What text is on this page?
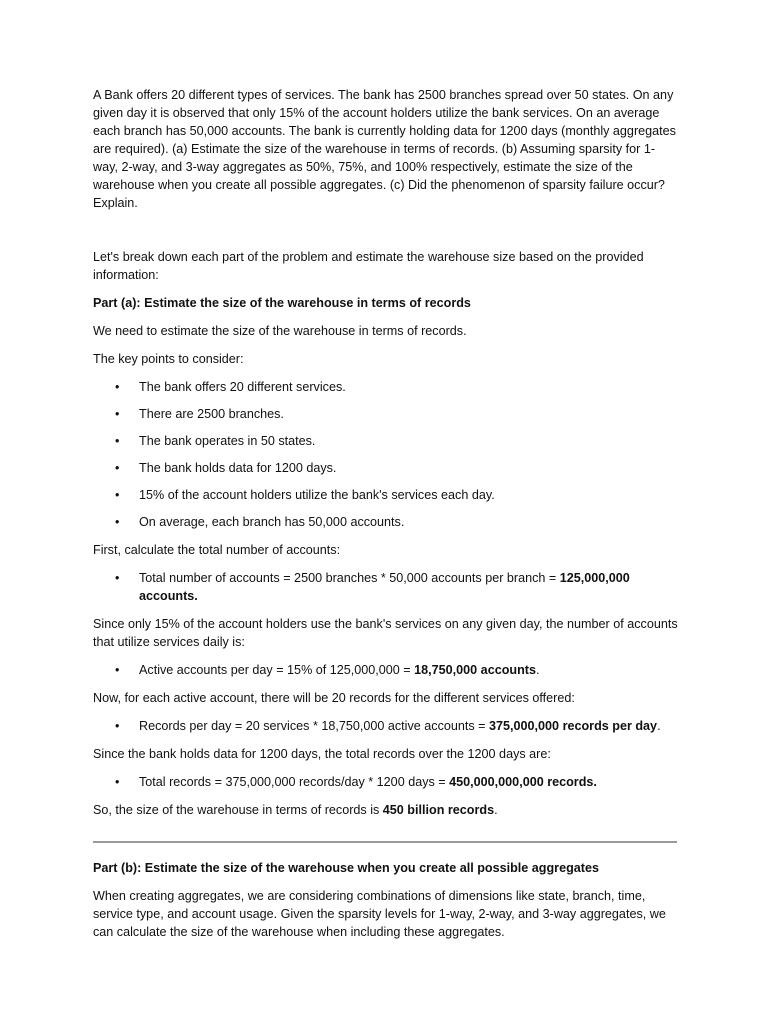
A Bank offers 20 different types of services. The bank has 2500 branches spread over 50 states. On any given day it is observed that only 15% of the account holders utilize the bank services. On an average each branch has 50,000 accounts. The bank is currently holding data for 1200 days (monthly aggregates are required). (a) Estimate the size of the warehouse in terms of records. (b) Assuming sparsity for 1-way, 2-way, and 3-way aggregates as 50%, 75%, and 100% respectively, estimate the size of the warehouse when you create all possible aggregates. (c) Did the phenomenon of sparsity failure occur? Explain.

Let's break down each part of the problem and estimate the warehouse size based on the provided information:

Part (a): Estimate the size of the warehouse in terms of records

We need to estimate the size of the warehouse in terms of records.

The key points to consider:

• The bank offers 20 different services.
• There are 2500 branches.
• The bank operates in 50 states.
• The bank holds data for 1200 days.
• 15% of the account holders utilize the bank's services each day.
• On average, each branch has 50,000 accounts.

First, calculate the total number of accounts:

• Total number of accounts = 2500 branches * 50,000 accounts per branch = 125,000,000 accounts.

Since only 15% of the account holders use the bank's services on any given day, the number of accounts that utilize services daily is:

• Active accounts per day = 15% of 125,000,000 = 18,750,000 accounts.

Now, for each active account, there will be 20 records for the different services offered:

• Records per day = 20 services * 18,750,000 active accounts = 375,000,000 records per day.

Since the bank holds data for 1200 days, the total records over the 1200 days are:

• Total records = 375,000,000 records/day * 1200 days = 450,000,000,000 records.

So, the size of the warehouse in terms of records is 450 billion records.

Part (b): Estimate the size of the warehouse when you create all possible aggregates

When creating aggregates, we are considering combinations of dimensions like state, branch, time, service type, and account usage. Given the sparsity levels for 1-way, 2-way, and 3-way aggregates, we can calculate the size of the warehouse when including these aggregates.
